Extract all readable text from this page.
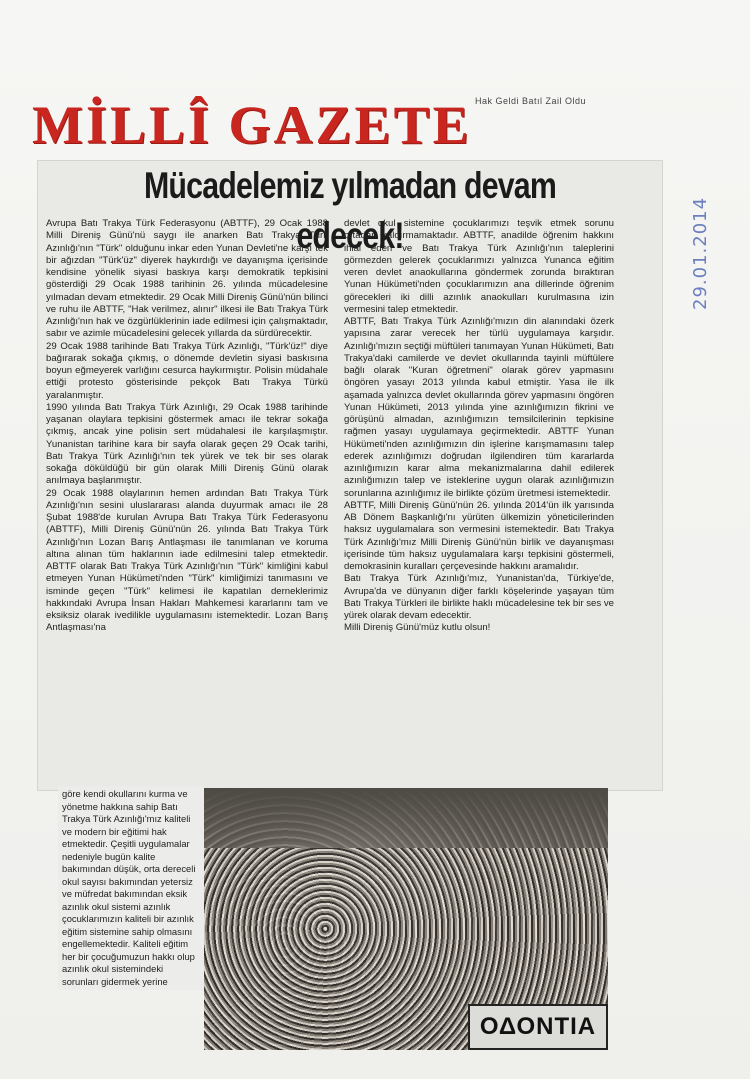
Hak Geldi Batıl Zail Oldu
MİLLÎ GAZETE
29.01.2014
Mücadelemiz yılmadan devam edecek!

Avrupa Batı Trakya Türk Federasyonu (ABTTF), 29 Ocak 1988 Milli Direniş Günü'nü saygı ile anarken Batı Trakya Türk Azınlığı'nın "Türk" olduğunu inkar eden Yunan Devleti'ne karşı tek bir ağızdan "Türk'üz" diyerek haykırdığı ve dayanışma içerisinde kendisine yönelik siyasi baskıya karşı demokratik tepkisini gösterdiği 29 Ocak 1988 tarihinin 26. yılında mücadelesine yılmadan devam etmektedir. 29 Ocak Milli Direniş Günü'nün bilinci ve ruhu ile ABTTF, "Hak verilmez, alınır" ilkesi ile Batı Trakya Türk Azınlığı'nın hak ve özgürlüklerinin iade edilmesi için çalışmaktadır, sabır ve azimle mücadelesini gelecek yıllarda da sürdürecektir.

29 Ocak 1988 tarihinde Batı Trakya Türk Azınlığı, "Türk'üz!" diye bağırarak sokağa çıkmış, o dönemde devletin siyasi baskısına boyun eğmeyerek varlığını cesurca haykırmıştır. Polisin müdahale ettiği protesto gösterisinde pekçok Batı Trakya Türkü yaralanmıştır.

1990 yılında Batı Trakya Türk Azınlığı, 29 Ocak 1988 tarihinde yaşanan olaylara tepkisini göstermek amacı ile tekrar sokağa çıkmış, ancak yine polisin sert müdahalesi ile karşılaşmıştır. Yunanistan tarihine kara bir sayfa olarak geçen 29 Ocak tarihi, Batı Trakya Türk Azınlığı'nın tek yürek ve tek bir ses olarak sokağa döküldüğü bir gün olarak Milli Direniş Günü olarak anılmaya başlanmıştır.

29 Ocak 1988 olaylarının hemen ardından Batı Trakya Türk Azınlığı'nın sesini uluslararası alanda duyurmak amacı ile 28 Şubat 1988'de kurulan Avrupa Batı Trakya Türk Federasyonu (ABTTF), Milli Direniş Günü'nün 26. yılında Batı Trakya Türk Azınlığı'nın Lozan Barış Antlaşması ile tanımlanan ve koruma altına alınan tüm haklarının iade edilmesini talep etmektedir. ABTTF olarak Batı Trakya Türk Azınlığı'nın "Türk" kimliğini kabul etmeyen Yunan Hükümeti'nden "Türk" kimliğimizi tanımasını ve isminde geçen "Türk" kelimesi ile kapatılan derneklerimiz hakkındaki Avrupa İnsan Hakları Mahkemesi kararlarını tam ve eksiksiz olarak ivedilikle uygulamasını istemektedir. Lozan Barış Antlaşması'na

devlet okul sistemine çocuklarımızı teşvik etmek sorunu ortadan kaldırmamaktadır. ABTTF, anadilde öğrenim hakkını ihlal eden ve Batı Trakya Türk Azınlığı'nın taleplerini görmezden gelerek çocuklarımızı yalnızca Yunanca eğitim veren devlet anaokullarına göndermek zorunda bıraktıran Yunan Hükümeti'nden çocuklarımızın ana dillerinde öğrenim görecekleri iki dilli azınlık anaokulları kurulmasına izin vermesini talep etmektedir.

ABTTF, Batı Trakya Türk Azınlığı'mızın din alanındaki özerk yapısına zarar verecek her türlü uygulamaya karşıdır. Azınlığı'mızın seçtiği müftüleri tanımayan Yunan Hükümeti, Batı Trakya'daki camilerde ve devlet okullarında tayinli müftülere bağlı olarak "Kuran öğretmeni" olarak görev yapmasını öngören yasayı 2013 yılında kabul etmiştir. Yasa ile ilk aşamada yalnızca devlet okullarında görev yapmasını öngören Yunan Hükümeti, 2013 yılında yine azınlığımızın fikrini ve görüşünü almadan, azınlığımızın temsilcilerinin tepkisine rağmen yasayı uygulamaya geçirmektedir. ABTTF Yunan Hükümeti'nden azınlığımızın din işlerine karışmamasını talep ederek azınlığımızı doğrudan ilgilendiren tüm kararlarda azınlığımızın karar alma mekanizmalarına dahil edilerek azınlığımızın talep ve isteklerine uygun olarak azınlığımızın sorunlarına azınlığımız ile birlikte çözüm üretmesi istemektedir.

ABTTF, Milli Direniş Günü'nün 26. yılında 2014'ün ilk yarısında AB Dönem Başkanlığı'nı yürüten ülkemizin yöneticilerinden haksız uygulamalara son vermesini istemektedir. Batı Trakya Türk Azınlığı'mız Milli Direniş Günü'nün birlik ve dayanışması içerisinde tüm haksız uygulamalara karşı tepkisini göstermeli, demokrasinin kuralları çerçevesinde hakkını aramalıdır.

Batı Trakya Türk Azınlığı'mız, Yunanistan'da, Türkiye'de, Avrupa'da ve dünyanın diğer farklı köşelerinde yaşayan tüm Batı Trakya Türkleri ile birlikte haklı mücadelesine tek bir ses ve yürek olarak devam edecektir.

Milli Direniş Günü'müz kutlu olsun!

göre kendi okullarını kurma ve yönetme hakkına sahip Batı Trakya Türk Azınlığı'mız kaliteli ve modern bir eğitimi hak etmektedir. Çeşitli uygulamalar nedeniyle bugün kalite bakımından düşük, orta dereceli okul sayısı bakımından yetersiz ve müfredat bakımından eksik azınlık okul sistemi azınlık çocuklarımızın kaliteli bir azınlık eğitim sistemine sahip olmasını engellemektedir. Kaliteli eğitim her bir çocuğumuzun hakkı olup azınlık okul sistemindeki sorunları gidermek yerine
ΟΔΟΝΤΙΑ
